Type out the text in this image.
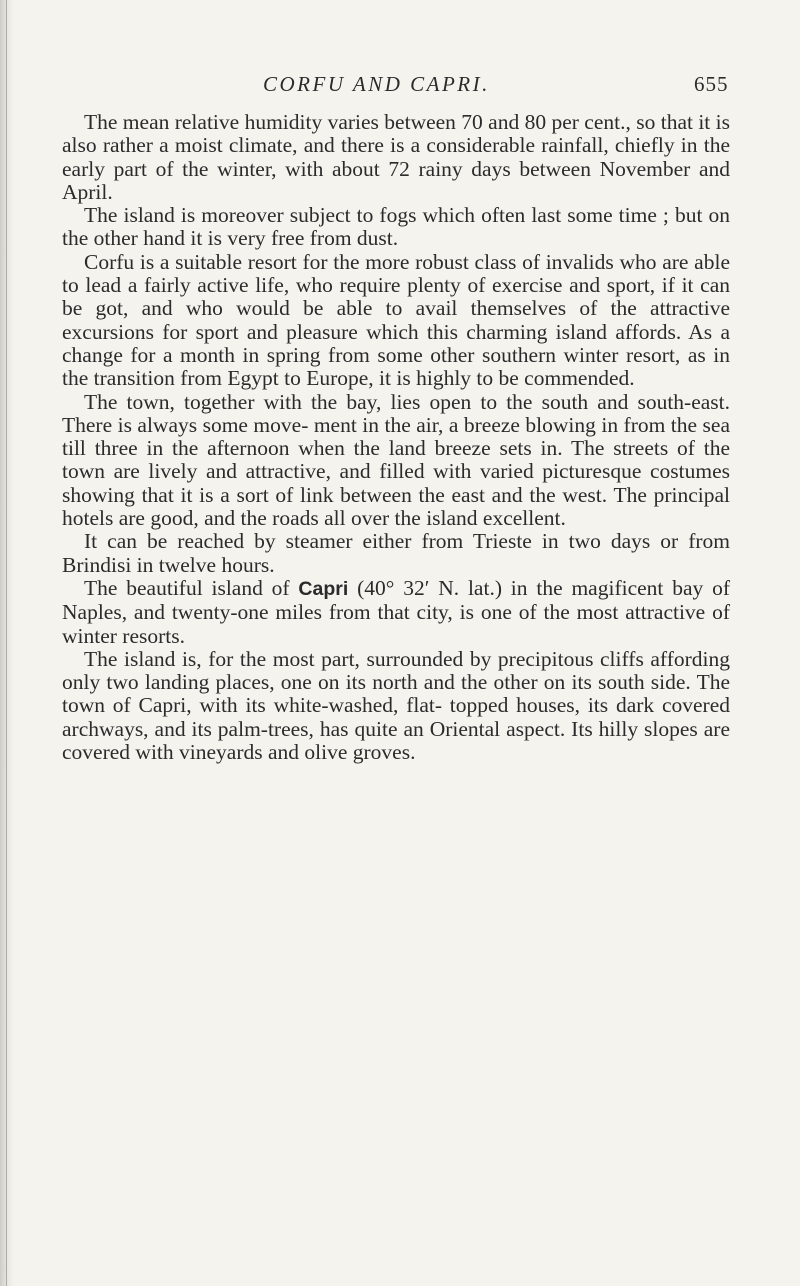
CORFU AND CAPRI.	655

The mean relative humidity varies between 70 and 80 per cent., so that it is also rather a moist climate, and there is a considerable rainfall, chiefly in the early part of the winter, with about 72 rainy days between November and April.

The island is moreover subject to fogs which often last some time ; but on the other hand it is very free from dust.

Corfu is a suitable resort for the more robust class of invalids who are able to lead a fairly active life, who require plenty of exercise and sport, if it can be got, and who would be able to avail themselves of the attractive excursions for sport and pleasure which this charming island affords. As a change for a month in spring from some other southern winter resort, as in the transition from Egypt to Europe, it is highly to be commended.

The town, together with the bay, lies open to the south and south-east. There is always some move- ment in the air, a breeze blowing in from the sea till three in the afternoon when the land breeze sets in. The streets of the town are lively and attractive, and filled with varied picturesque costumes showing that it is a sort of link between the east and the west. The principal hotels are good, and the roads all over the island excellent.

It can be reached by steamer either from Trieste in two days or from Brindisi in twelve hours.

The beautiful island of Capri (40° 32′ N. lat.) in the magificent bay of Naples, and twenty-one miles from that city, is one of the most attractive of winter resorts.

The island is, for the most part, surrounded by precipitous cliffs affording only two landing places, one on its north and the other on its south side. The town of Capri, with its white-washed, flat- topped houses, its dark covered archways, and its palm-trees, has quite an Oriental aspect. Its hilly slopes are covered with vineyards and olive groves.
